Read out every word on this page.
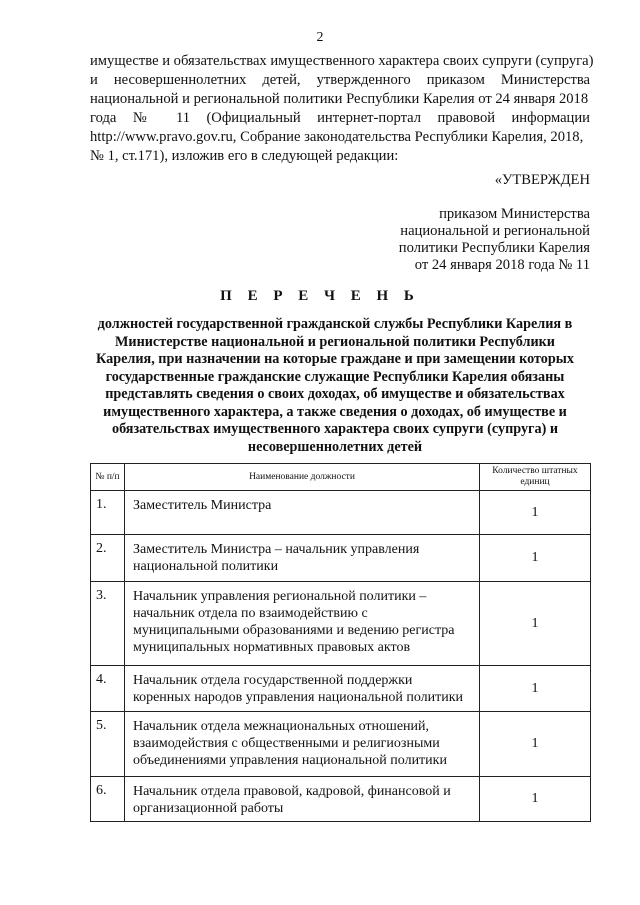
2
имуществе и обязательствах имущественного характера своих супруги (супруга)
и несовершеннолетних детей, утвержденного приказом Министерства
национальной и региональной политики Республики Карелия от 24 января 2018
года № 11 (Официальный интернет-портал правовой информации
http://www.pravo.gov.ru, Собрание законодательства Республики Карелия, 2018,
№ 1, ст.171), изложив его в следующей редакции:
«УТВЕРЖДЕН
приказом Министерства
национальной и региональной
политики Республики Карелия
от 24 января 2018 года № 11
П Е Р Е Ч Е Н Ь
должностей государственной гражданской службы Республики Карелия в
Министерстве национальной и региональной политики Республики
Карелия, при назначении на которые граждане и при замещении которых
государственные гражданские служащие Республики Карелия обязаны
представлять сведения о своих доходах, об имуществе и обязательствах
имущественного характера, а также сведения о доходах, об имуществе и
обязательствах имущественного характера своих супруги (супруга) и
несовершеннолетних детей
№ п/п	Наименование должности	Количество штатных единиц
1.	Заместитель Министра	1
2.	Заместитель Министра – начальник управления
национальной политики	1
3.	Начальник управления региональной политики –
начальник отдела по взаимодействию с
муниципальными образованиями и ведению регистра
муниципальных нормативных правовых актов	1
4.	Начальник отдела государственной поддержки
коренных народов управления национальной политики	1
5.	Начальник отдела межнациональных отношений,
взаимодействия с общественными и религиозными
объединениями управления национальной политики	1
6.	Начальник отдела правовой, кадровой, финансовой и
организационной работы	1
